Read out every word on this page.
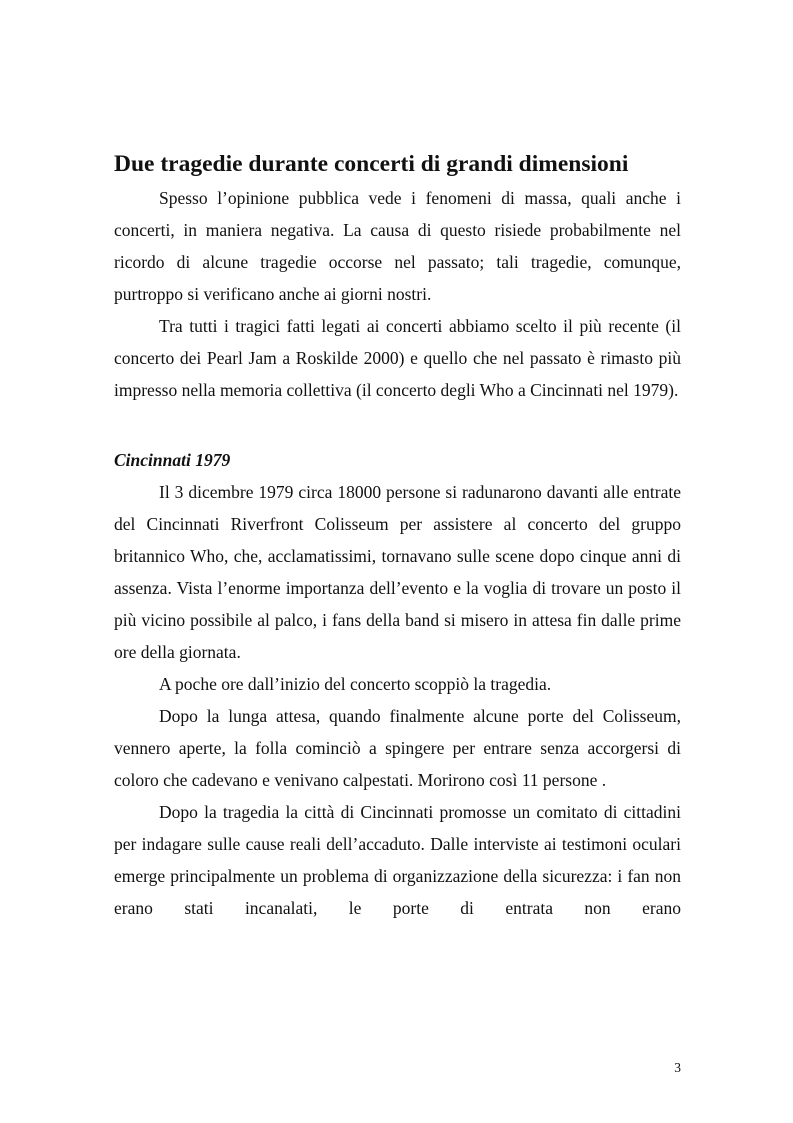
Due tragedie durante concerti di grandi dimensioni

Spesso l’opinione pubblica vede i fenomeni di massa, quali anche i concerti, in maniera negativa. La causa di questo risiede probabilmente nel ricordo di alcune tragedie occorse nel passato; tali tragedie, comunque, purtroppo si verificano anche ai giorni nostri.

Tra tutti i tragici fatti legati ai concerti abbiamo scelto il più recente (il concerto dei Pearl Jam a Roskilde 2000) e quello che nel passato è rimasto più impresso nella memoria collettiva (il concerto degli Who a Cincinnati nel 1979).

Cincinnati 1979

Il 3 dicembre 1979 circa 18000 persone si radunarono davanti alle entrate del Cincinnati Riverfront Colisseum per assistere al concerto del gruppo britannico Who, che, acclamatissimi, tornavano sulle scene dopo cinque anni di assenza. Vista l’enorme importanza dell’evento e la voglia di trovare un posto il più vicino possibile al palco, i fans della band si misero in attesa fin dalle prime ore della giornata.

A poche ore dall’inizio del concerto scoppiò la tragedia.

Dopo la lunga attesa, quando finalmente alcune porte del Colisseum, vennero aperte, la folla cominciò a spingere per entrare senza accorgersi di coloro che cadevano e venivano calpestati. Morirono così 11 persone .

Dopo la tragedia la città di Cincinnati promosse un comitato di cittadini per indagare sulle cause reali dell’accaduto. Dalle interviste ai testimoni oculari emerge principalmente un problema di organizzazione della sicurezza: i fan non erano stati incanalati, le porte di entrata non erano

3
